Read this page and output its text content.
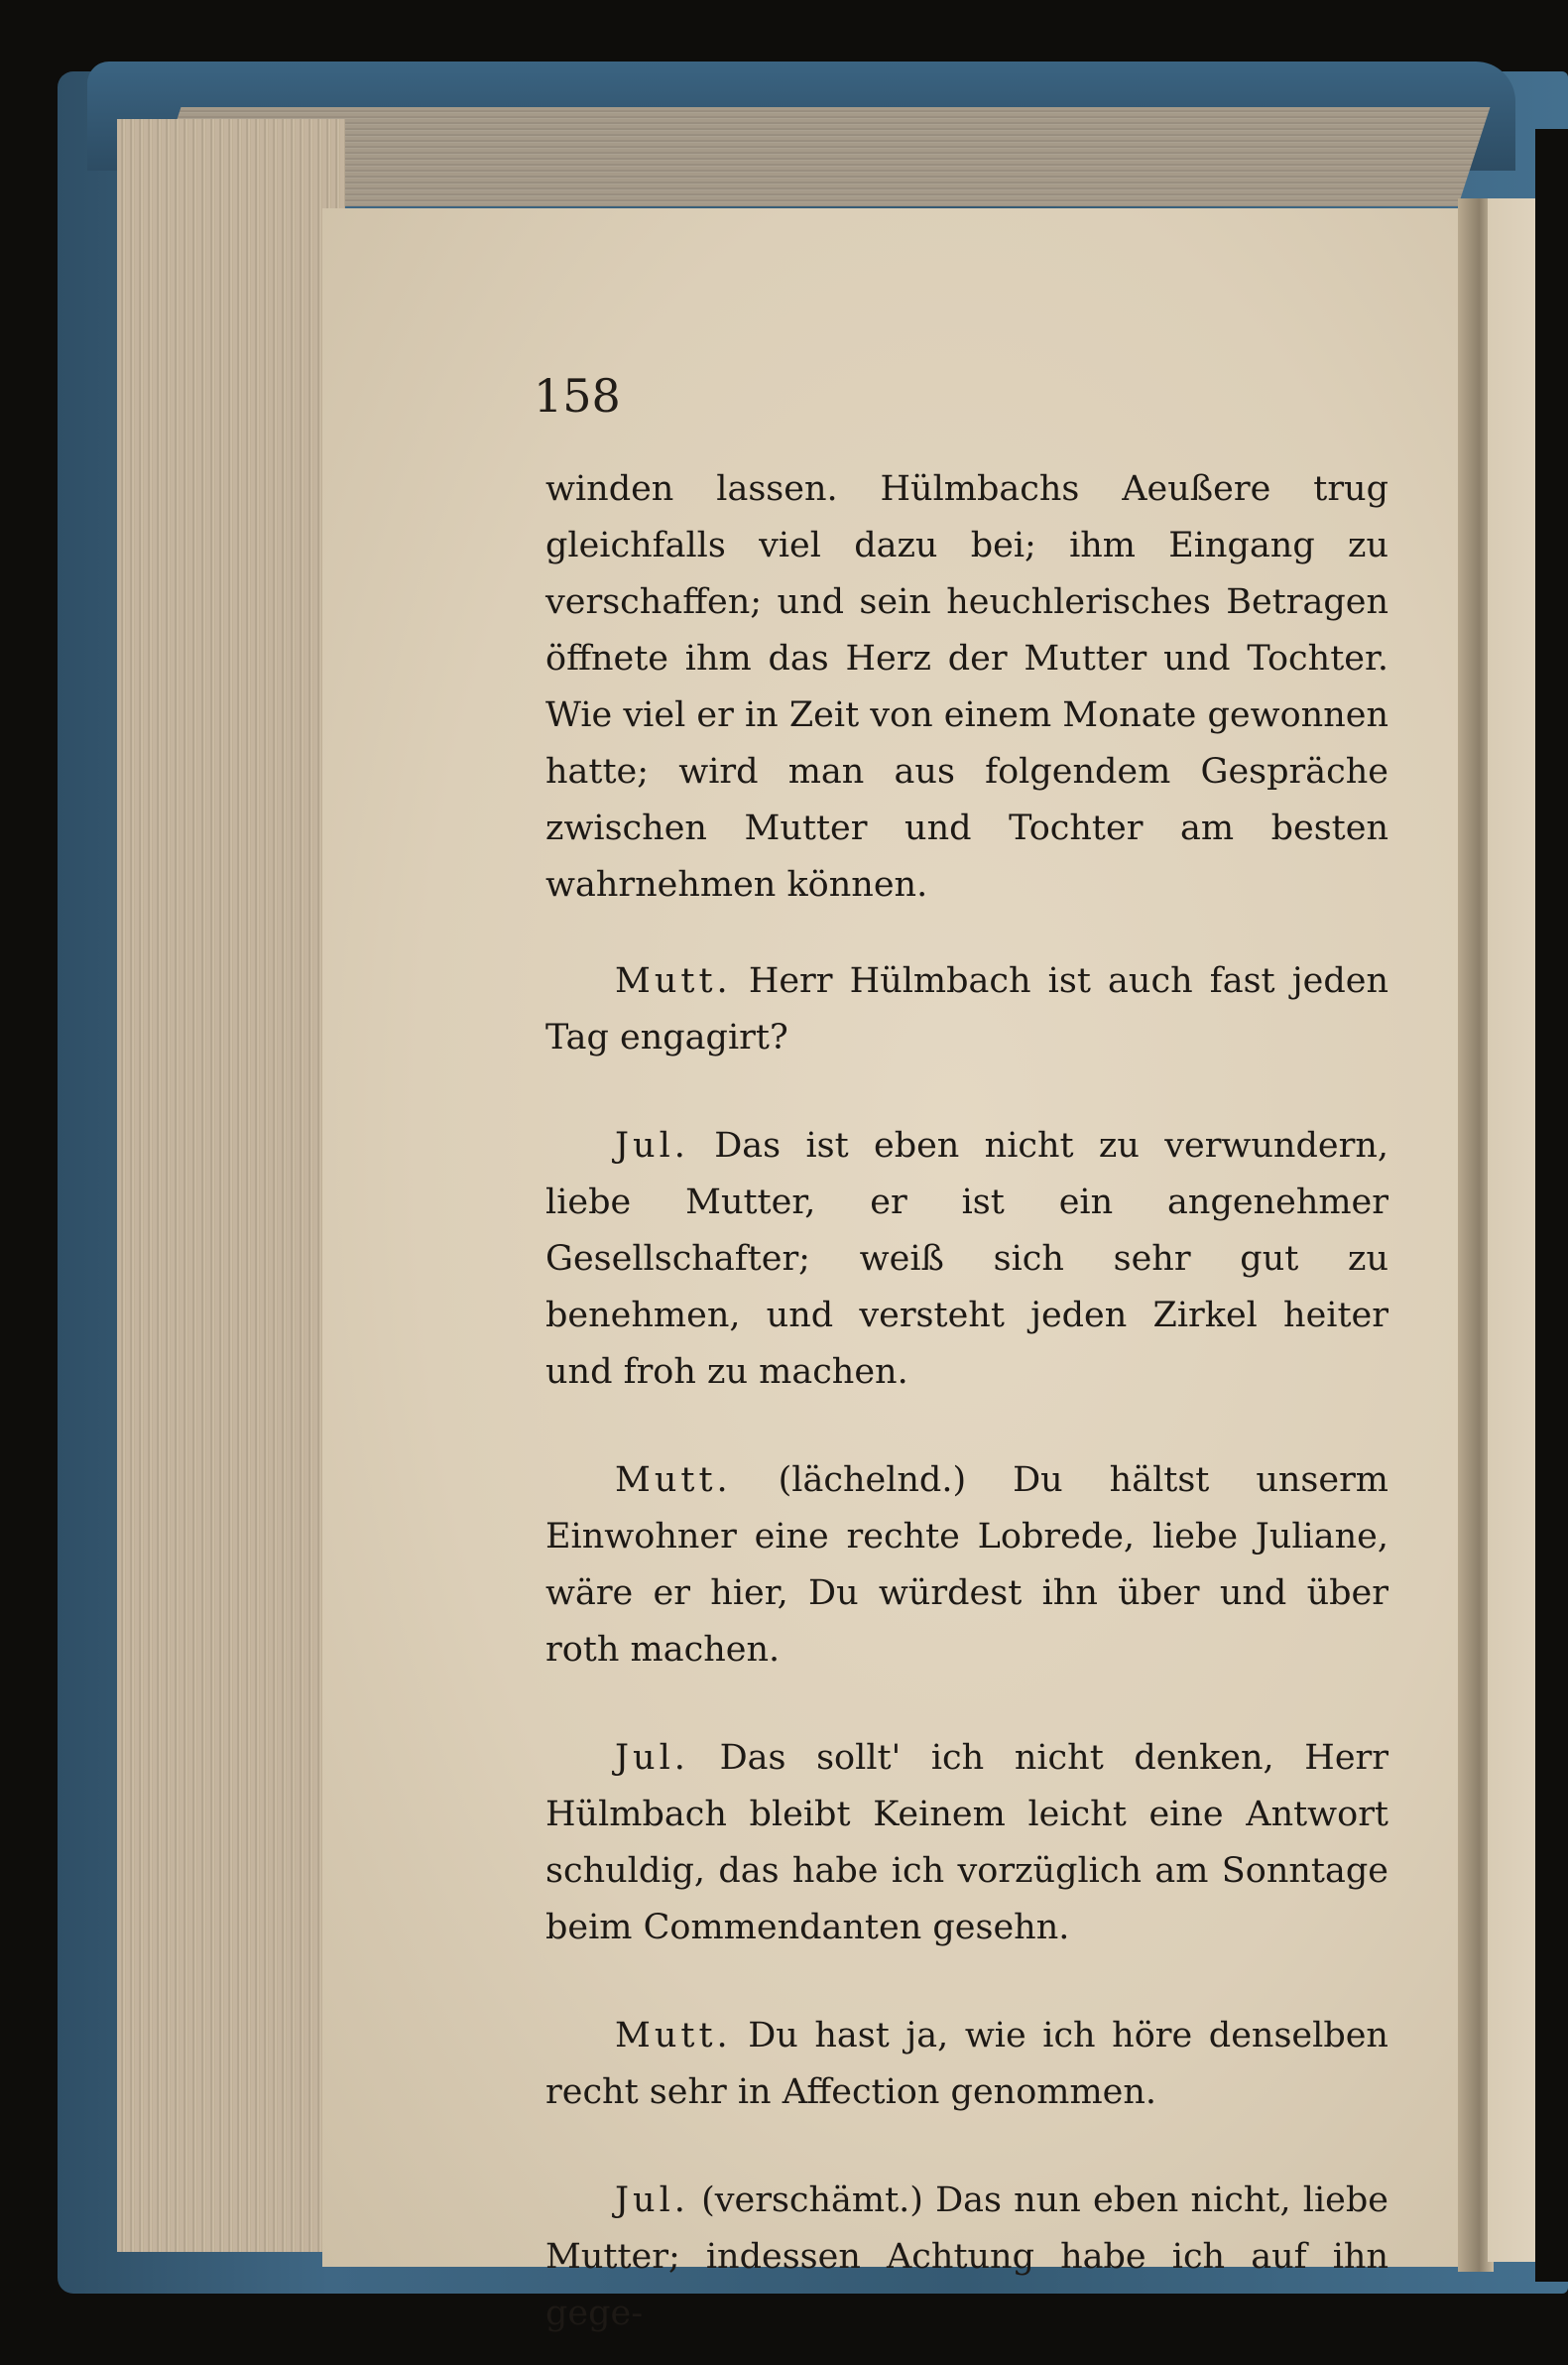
158

winden lassen. Hülmbachs Aeußere trug gleichfalls viel dazu bei; ihm Eingang zu verschaffen; und sein heuchlerisches Betragen öffnete ihm das Herz der Mutter und Tochter. Wie viel er in Zeit von einem Monate gewonnen hatte; wird man aus folgendem Gespräche zwischen Mutter und Tochter am besten wahrnehmen können.

Mutt. Herr Hülmbach ist auch fast jeden Tag engagirt?

Jul. Das ist eben nicht zu verwundern, liebe Mutter, er ist ein angenehmer Gesellschafter; weiß sich sehr gut zu benehmen, und versteht jeden Zirkel heiter und froh zu machen.

Mutt. (lächelnd.) Du hältst unserm Einwohner eine rechte Lobrede, liebe Juliane, wäre er hier, Du würdest ihn über und über roth machen.

Jul. Das sollt' ich nicht denken, Herr Hülmbach bleibt Keinem leicht eine Antwort schuldig, das habe ich vorzüglich am Sonntage beim Commendanten gesehn.

Mutt. Du hast ja, wie ich höre denselben recht sehr in Affection genommen.

Jul. (verschämt.) Das nun eben nicht, liebe Mutter; indessen Achtung habe ich auf ihn gege-
